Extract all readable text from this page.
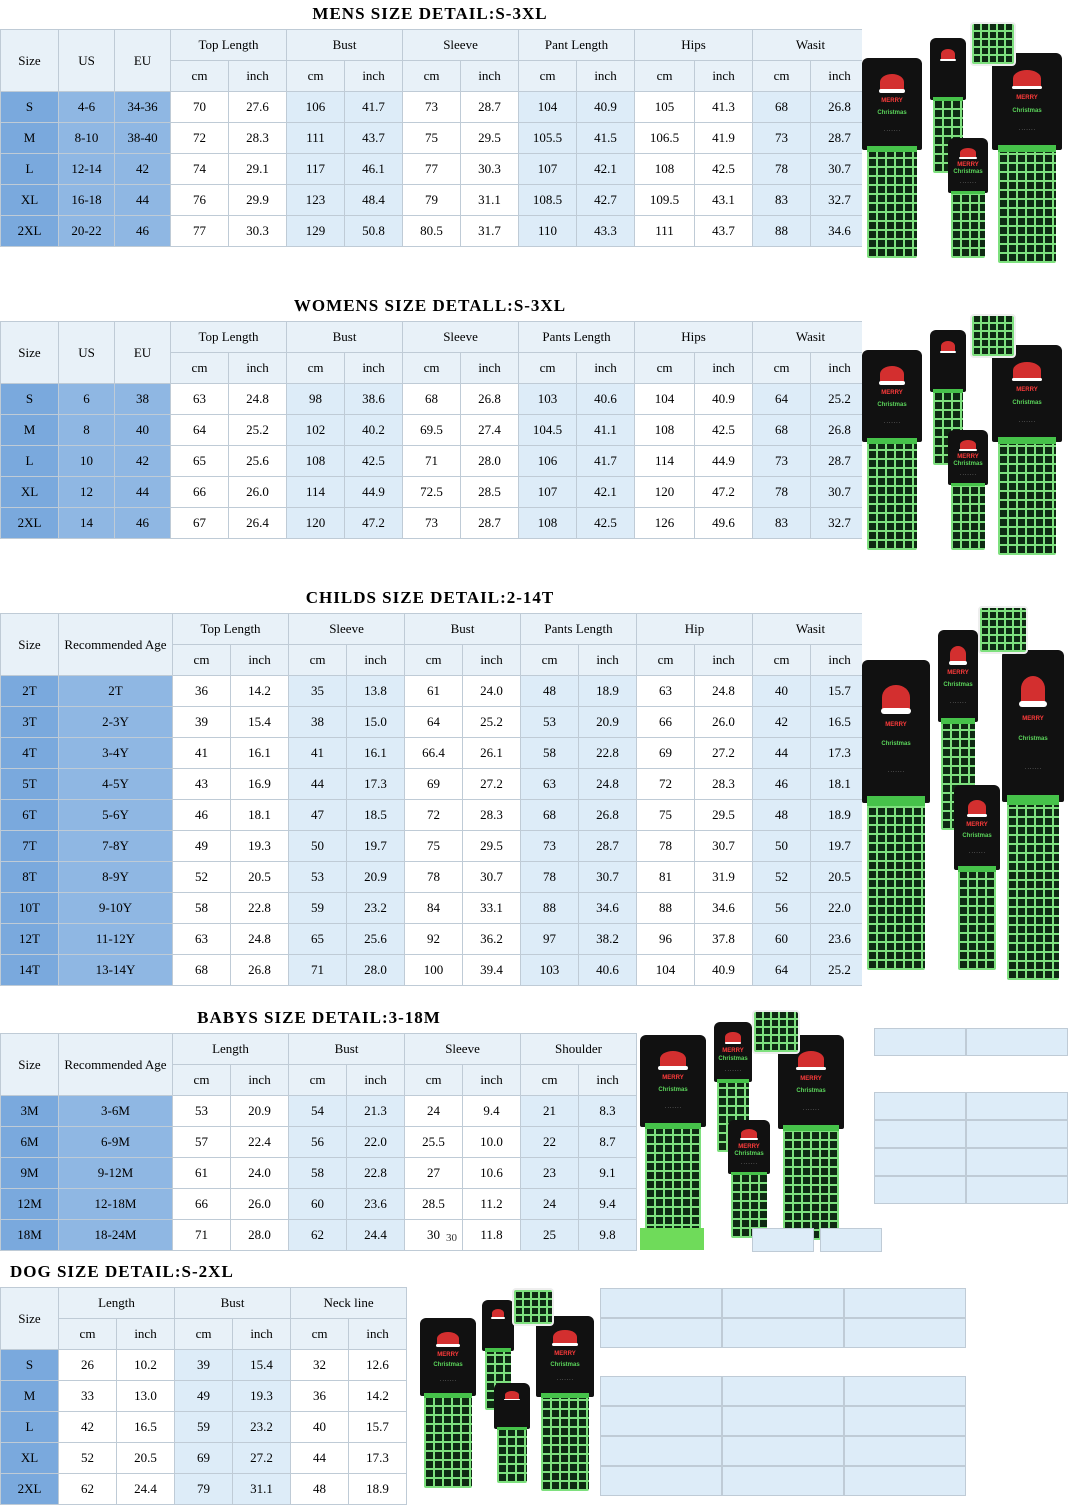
MENS SIZE DETAIL:S-3XL
Size	US	EU	Top Length		Bust		Sleeve		Pant Length		Hips		Wasit	
			cm	inch	cm	inch	cm	inch	cm	inch	cm	inch	cm	inch
S	4-6	34-36	70	27.6	106	41.7	73	28.7	104	40.9	105	41.3	68	26.8
M	8-10	38-40	72	28.3	111	43.7	75	29.5	105.5	41.5	106.5	41.9	73	28.7
L	12-14	42	74	29.1	117	46.1	77	30.3	107	42.1	108	42.5	78	30.7
XL	16-18	44	76	29.9	123	48.4	79	31.1	108.5	42.7	109.5	43.1	83	32.7
2XL	20-22	46	77	30.3	129	50.8	80.5	31.7	110	43.3	111	43.7	88	34.6
MERRY
Christmas
· · · · · · ·
MERRY
Christmas
· · · · · · ·
MERRY
Christmas
· · · · · · ·
WOMENS SIZE DETALL:S-3XL
Size	US	EU	Top Length		Bust		Sleeve		Pants Length		Hips		Wasit	
			cm	inch	cm	inch	cm	inch	cm	inch	cm	inch	cm	inch
S	6	38	63	24.8	98	38.6	68	26.8	103	40.6	104	40.9	64	25.2
M	8	40	64	25.2	102	40.2	69.5	27.4	104.5	41.1	108	42.5	68	26.8
L	10	42	65	25.6	108	42.5	71	28.0	106	41.7	114	44.9	73	28.7
XL	12	44	66	26.0	114	44.9	72.5	28.5	107	42.1	120	47.2	78	30.7
2XL	14	46	67	26.4	120	47.2	73	28.7	108	42.5	126	49.6	83	32.7
MERRY
Christmas
· · · · · · ·
MERRY
Christmas
· · · · · · ·
MERRY
Christmas
· · · · · · ·
CHILDS SIZE DETAIL:2-14T
Size	Recommended Age	Top Length		Sleeve		Bust		Pants Length		Hip		Wasit	
		cm	inch	cm	inch	cm	inch	cm	inch	cm	inch	cm	inch
2T	2T	36	14.2	35	13.8	61	24.0	48	18.9	63	24.8	40	15.7
3T	2-3Y	39	15.4	38	15.0	64	25.2	53	20.9	66	26.0	42	16.5
4T	3-4Y	41	16.1	41	16.1	66.4	26.1	58	22.8	69	27.2	44	17.3
5T	4-5Y	43	16.9	44	17.3	69	27.2	63	24.8	72	28.3	46	18.1
6T	5-6Y	46	18.1	47	18.5	72	28.3	68	26.8	75	29.5	48	18.9
7T	7-8Y	49	19.3	50	19.7	75	29.5	73	28.7	78	30.7	50	19.7
8T	8-9Y	52	20.5	53	20.9	78	30.7	78	30.7	81	31.9	52	20.5
10T	9-10Y	58	22.8	59	23.2	84	33.1	88	34.6	88	34.6	56	22.0
12T	11-12Y	63	24.8	65	25.6	92	36.2	97	38.2	96	37.8	60	23.6
14T	13-14Y	68	26.8	71	28.0	100	39.4	103	40.6	104	40.9	64	25.2
MERRY
Christmas
· · · · · · ·
MERRY
Christmas
· · · · · · ·
MERRY
Christmas
· · · · · · ·
MERRY
Christmas
· · · · · · ·
BABYS SIZE DETAIL:3-18M
Size	Recommended Age	Length		Bust		Sleeve		Shoulder	
		cm	inch	cm	inch	cm	inch	cm	inch
3M	3-6M	53	20.9	54	21.3	24	9.4	21	8.3
6M	6-9M	57	22.4	56	22.0	25.5	10.0	22	8.7
9M	9-12M	61	24.0	58	22.8	27	10.6	23	9.1
12M	12-18M	66	26.0	60	23.6	28.5	11.2	24	9.4
18M	18-24M	71	28.0	62	24.4	30	11.8	25	9.8
MERRY
Christmas
· · · · · · ·
MERRY
Christmas
· · · · · · ·
MERRY
Christmas
· · · · · · ·
MERRY
Christmas
· · · · · · ·
30
DOG SIZE DETAIL:S-2XL
Size	Length		Bust		Neck line	
	cm	inch	cm	inch	cm	inch
S	26	10.2	39	15.4	32	12.6
M	33	13.0	49	19.3	36	14.2
L	42	16.5	59	23.2	40	15.7
XL	52	20.5	69	27.2	44	17.3
2XL	62	24.4	79	31.1	48	18.9
MERRY
Christmas
· · · · · · ·
MERRY
Christmas
· · · · · · ·
